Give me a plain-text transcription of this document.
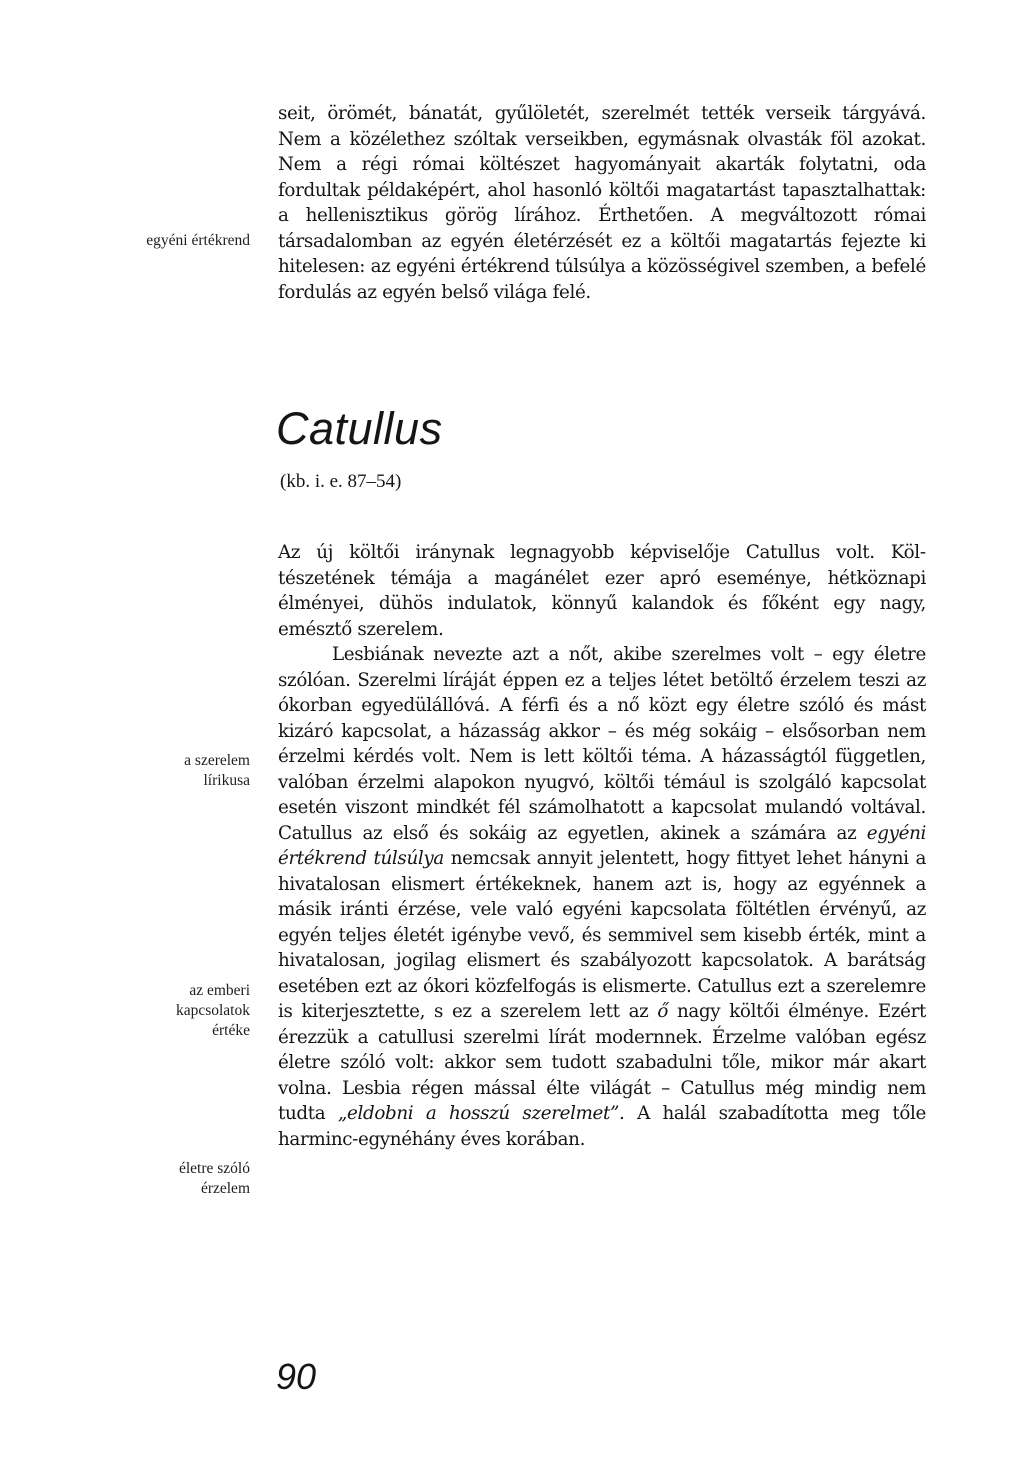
egyéni értékrend
a szerelem
lírikusa
az emberi
kapcsolatok
értéke
életre szóló
érzelem

seit, örömét, bánatát, gyűlöletét, szerelmét tették verseik tárgyává. Nem a közélethez szóltak verseikben, egymásnak olvasták föl azokat. Nem a régi római költészet hagyományait akarták folytatni, oda fordultak példaképért, ahol hasonló költői magatartást tapasztalhattak: a hellenisztikus görög lírához. Érthetően. A megváltozott római társadalomban az egyén életérzését ez a költői magatartás fejezte ki hitelesen: az egyéni értékrend túlsúlya a közösségivel szemben, a befelé fordulás az egyén belső világa felé.

Catullus
(kb. i. e. 87–54)

Az új költői iránynak legnagyobb képviselője Catullus volt. Költészetének témája a magánélet ezer apró eseménye, hétköznapi élményei, dühös indulatok, könnyű kalandok és főként egy nagy, emésztő szerelem.

Lesbiának nevezte azt a nőt, akibe szerelmes volt – egy életre szólóan. Szerelmi líráját éppen ez a teljes létet betöltő érzelem teszi az ókorban egyedülállóvá. A férfi és a nő közt egy életre szóló és mást kizáró kapcsolat, a házasság akkor – és még sokáig – elsősorban nem érzelmi kérdés volt. Nem is lett költői téma. A házasságtól független, valóban érzelmi alapokon nyugvó, költői témául is szolgáló kapcsolat esetén viszont mindkét fél számolhatott a kapcsolat mulandó voltával. Catullus az első és sokáig az egyetlen, akinek a számára az egyéni értékrend túlsúlya nemcsak annyit jelentett, hogy fittyet lehet hányni a hivatalosan elismert értékeknek, hanem azt is, hogy az egyénnek a másik iránti érzése, vele való egyéni kapcsolata föltétlen érvényű, az egyén teljes életét igénybe vevő, és semmivel sem kisebb érték, mint a hivatalosan, jogilag elismert és szabályozott kapcsolatok. A barátság esetében ezt az ókori közfelfogás is elismerte. Catullus ezt a szerelemre is kiterjesztette, s ez a szerelem lett az ő nagy költői élménye. Ezért érezzük a catullusi szerelmi lírát modernnek. Érzelme valóban egész életre szóló volt: akkor sem tudott szabadulni tőle, mikor már akart volna. Lesbia régen mással élte világát – Catullus még mindig nem tudta „eldobni a hosszú szerelmet”. A halál szabadította meg tőle harminc-egynéhány éves korában.

90
